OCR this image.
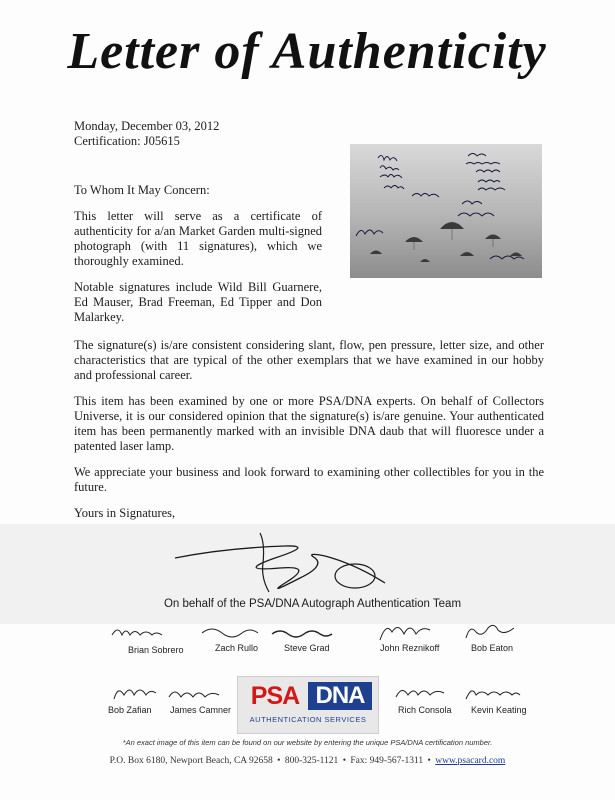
Letter of Authenticity
Monday, December 03, 2012
Certification: J05615
To Whom It May Concern:
This letter will serve as a certificate of authenticity for a/an Market Garden multi-signed photograph (with 11 signatures), which we thoroughly examined.
Notable signatures include Wild Bill Guarnere, Ed Mauser, Brad Freeman, Ed Tipper and Don Malarkey.
The signature(s) is/are consistent considering slant, flow, pen pressure, letter size, and other characteristics that are typical of the other exemplars that we have examined in our hobby and professional career.
This item has been examined by one or more PSA/DNA experts. On behalf of Collectors Universe, it is our considered opinion that the signature(s) is/are genuine. Your authenticated item has been permanently marked with an invisible DNA daub that will fluoresce under a patented laser lamp.
We appreciate your business and look forward to examining other collectibles for you in the future.
Yours in Signatures,
On behalf of the PSA/DNA Autograph Authentication Team
Brian Sobrero	Zach Rullo	Steve Grad	John Reznikoff	Bob Eaton
Bob Zafian James Camner PSA DNA
AUTHENTICATION SERVICES
Rich Consola Kevin Keating
*An exact image of this item can be found on our website by entering the unique PSA/DNA certification number.
P.O. Box 6180, Newport Beach, CA 92658 • 800-325-1121 • Fax: 949-567-1311 • www.psacard.com
